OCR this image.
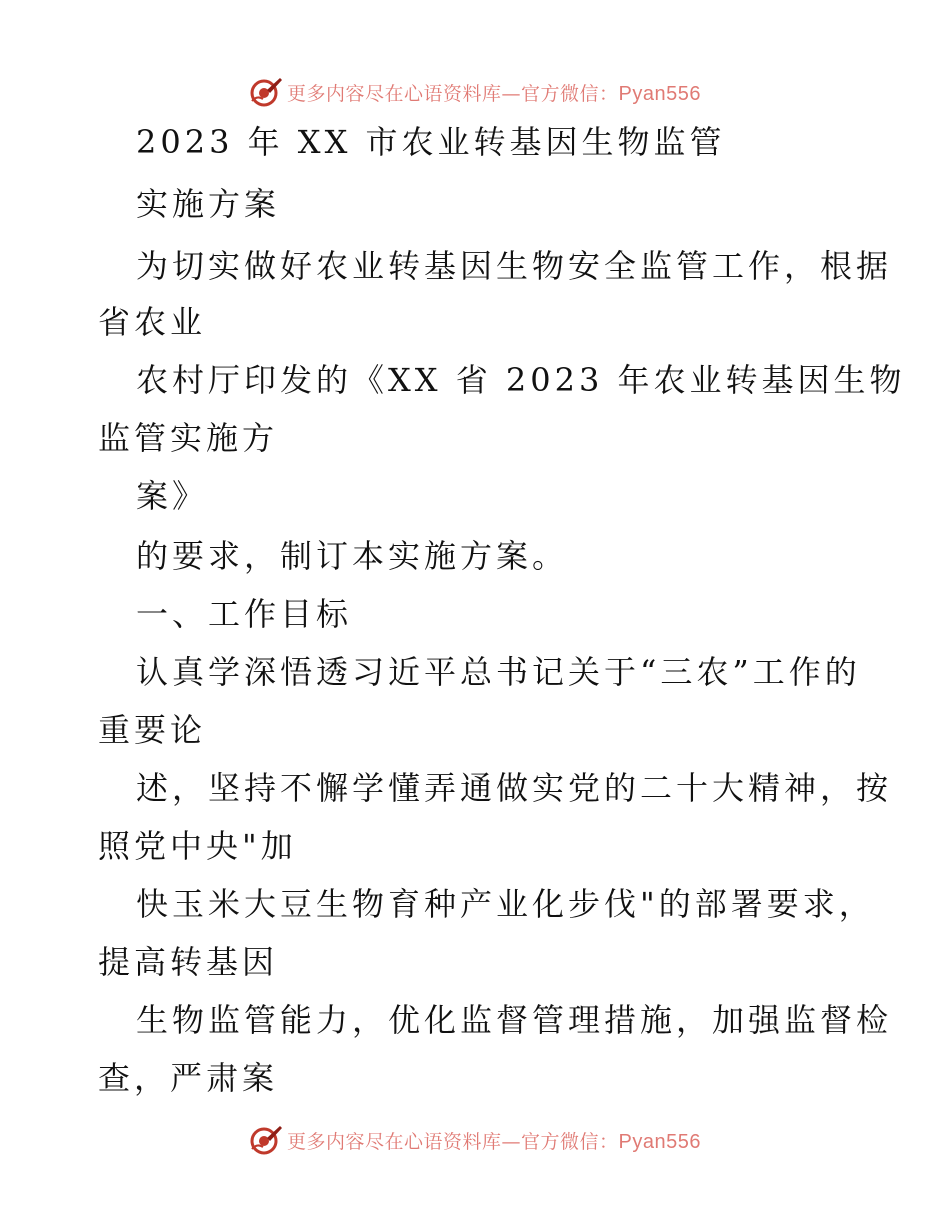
更多内容尽在心语资料库—官方微信：Pyan556
2023 年 XX 市农业转基因生物监管
实施方案
为切实做好农业转基因生物安全监管工作，根据
省农业
农村厅印发的《XX 省 2023 年农业转基因生物
监管实施方
案》
的要求，制订本实施方案。
一、工作目标
认真学深悟透习近平总书记关于“三农”工作的
重要论
述，坚持不懈学懂弄通做实党的二十大精神，按
照党中央"加
快玉米大豆生物育种产业化步伐"的部署要求，
提高转基因
生物监管能力，优化监督管理措施，加强监督检
查，严肃案
更多内容尽在心语资料库—官方微信：Pyan556
